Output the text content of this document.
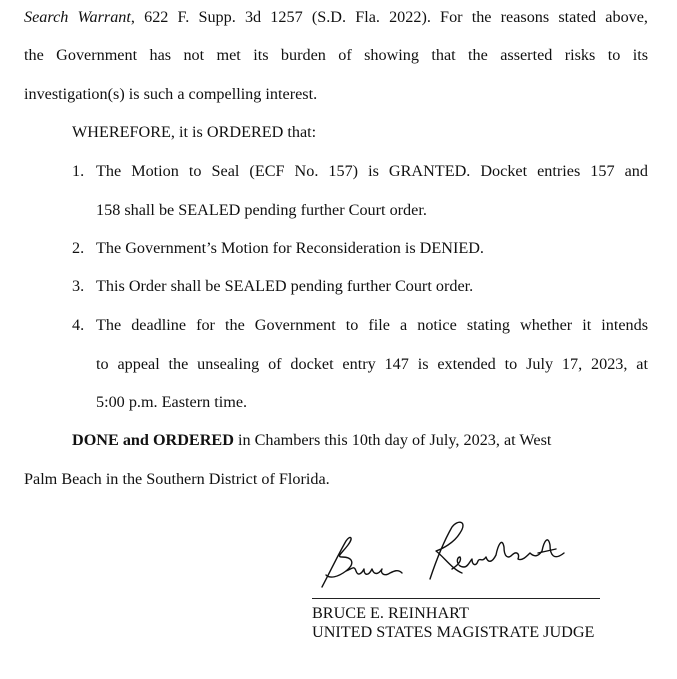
Search Warrant, 622 F. Supp. 3d 1257 (S.D. Fla. 2022). For the reasons stated above,
the Government has not met its burden of showing that the asserted risks to its
investigation(s) is such a compelling interest.
WHEREFORE, it is ORDERED that:
1. The Motion to Seal (ECF No. 157) is GRANTED. Docket entries 157 and
158 shall be SEALED pending further Court order.
2. The Government’s Motion for Reconsideration is DENIED.
3. This Order shall be SEALED pending further Court order.
4. The deadline for the Government to file a notice stating whether it intends
to appeal the unsealing of docket entry 147 is extended to July 17, 2023, at
5:00 p.m. Eastern time.
DONE and ORDERED in Chambers this 10th day of July, 2023, at West
Palm Beach in the Southern District of Florida.
BRUCE E. REINHART
UNITED STATES MAGISTRATE JUDGE
